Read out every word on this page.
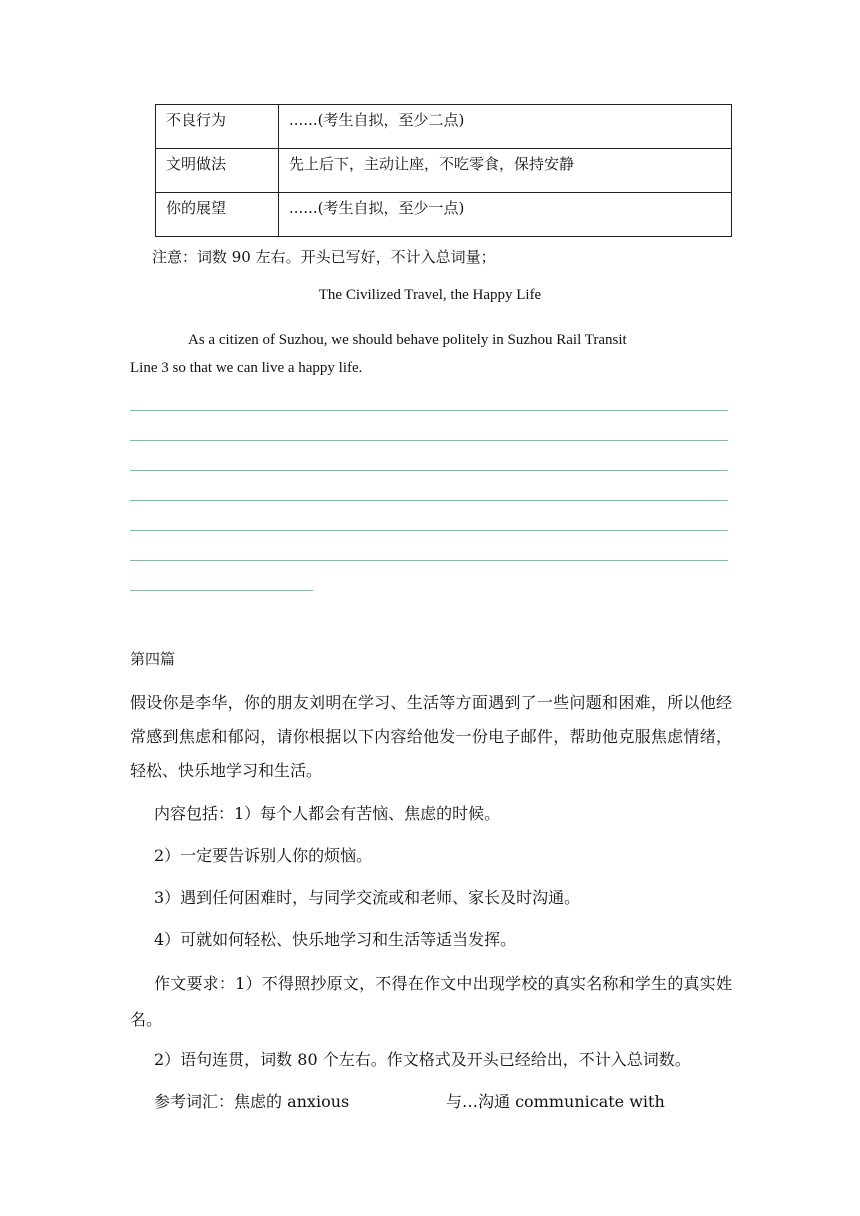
不良行为	......(考生自拟，至少二点)
文明做法	先上后下，主动让座，不吃零食，保持安静
你的展望	......(考生自拟，至少一点)
注意：词数 90 左右。开头已写好，不计入总词量；
The Civilized Travel, the Happy Life
As a citizen of Suzhou, we should behave politely in Suzhou Rail Transit
Line 3 so that we can live a happy life.
第四篇
假设你是李华，你的朋友刘明在学习、生活等方面遇到了一些问题和困难，所以他经常感到焦虑和郁闷，请你根据以下内容给他发一份电子邮件，帮助他克服焦虑情绪，轻松、快乐地学习和生活。
内容包括：1）每个人都会有苦恼、焦虑的时候。
2）一定要告诉别人你的烦恼。
3）遇到任何困难时，与同学交流或和老师、家长及时沟通。
4）可就如何轻松、快乐地学习和生活等适当发挥。
作文要求：1）不得照抄原文，不得在作文中出现学校的真实名称和学生的真实姓名。
2）语句连贯，词数 80 个左右。作文格式及开头已经给出，不计入总词数。
参考词汇：焦虑的 anxious	与…沟通 communicate with
